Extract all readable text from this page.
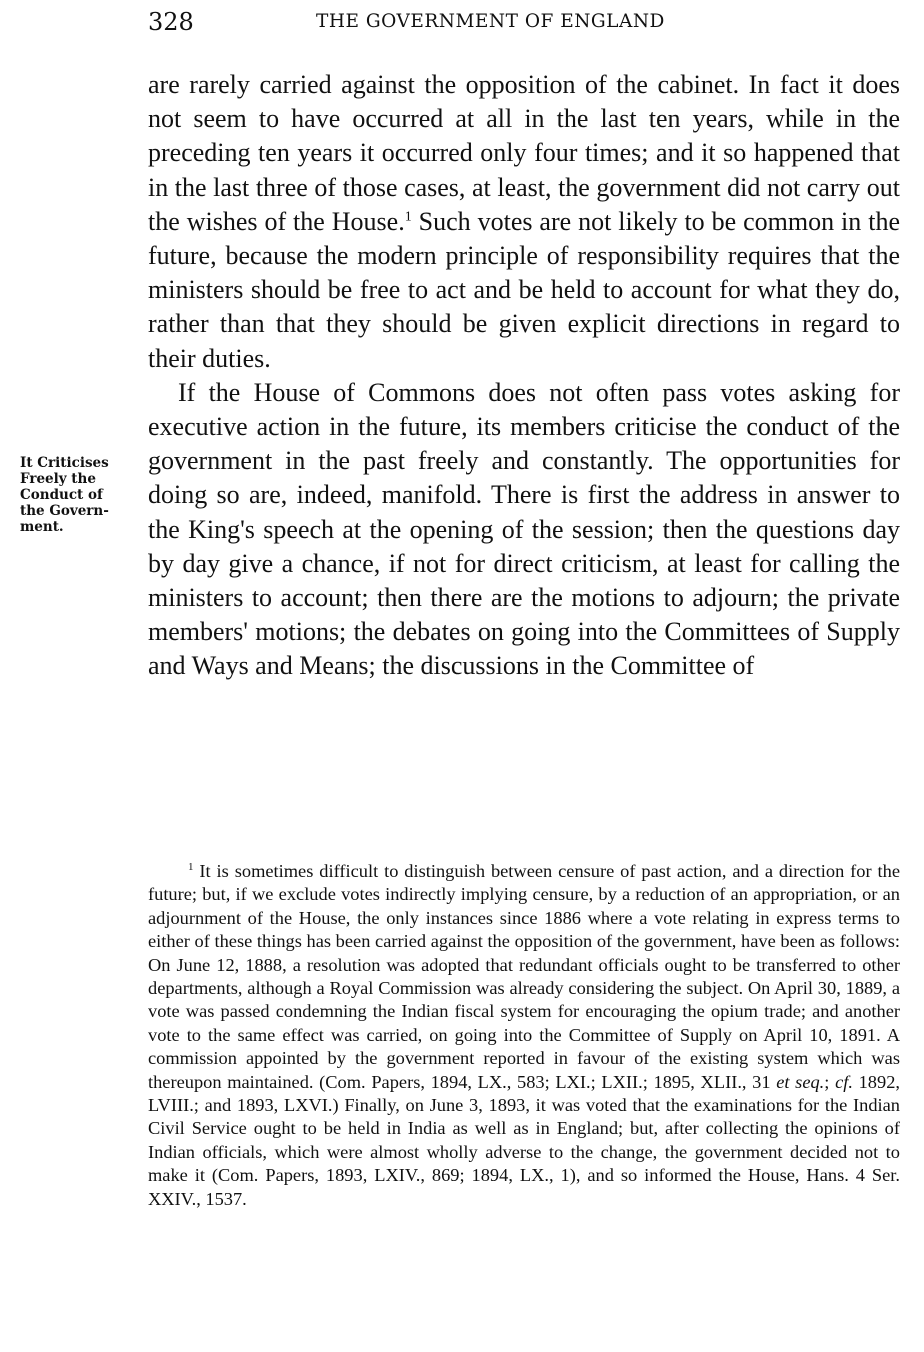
328	THE GOVERNMENT OF ENGLAND

are rarely carried against the opposition of the cabinet. In fact it does not seem to have occurred at all in the last ten years, while in the preceding ten years it occurred only four times; and it so happened that in the last three of those cases, at least, the government did not carry out the wishes of the House.$^1$ Such votes are not likely to be common in the future, because the modern principle of responsibility requires that the ministers should be free to act and be held to account for what they do, rather than that they should be given explicit directions in regard to their duties.

If the House of Commons does not often pass votes asking for executive action in the future, its members criticise the conduct of the government in the past freely and constantly. The opportunities for doing so are, indeed, manifold. There is first the address in answer to the King's speech at the opening of the session; then the questions day by day give a chance, if not for direct criticism, at least for calling the ministers to account; then there are the motions to adjourn; the private members' motions; the debates on going into the Committees of Supply and Ways and Means; the discussions in the Committee of

It Criticises
Freely the
Conduct of
the Govern-
ment.

$^1$ It is sometimes difficult to distinguish between censure of past action, and a direction for the future; but, if we exclude votes indirectly implying censure, by a reduction of an appropriation, or an adjournment of the House, the only instances since 1886 where a vote relating in express terms to either of these things has been carried against the opposition of the government, have been as follows: On June 12, 1888, a resolution was adopted that redundant officials ought to be transferred to other departments, although a Royal Commission was already considering the subject. On April 30, 1889, a vote was passed condemning the Indian fiscal system for encouraging the opium trade; and another vote to the same effect was carried, on going into the Committee of Supply on April 10, 1891. A commission appointed by the government reported in favour of the existing system which was thereupon maintained. (Com. Papers, 1894, LX., 583; LXI.; LXII.; 1895, XLII., 31 et seq.; cf. 1892, LVIII.; and 1893, LXVI.) Finally, on June 3, 1893, it was voted that the examinations for the Indian Civil Service ought to be held in India as well as in England; but, after collecting the opinions of Indian officials, which were almost wholly adverse to the change, the government decided not to make it (Com. Papers, 1893, LXIV., 869; 1894, LX., 1), and so informed the House, Hans. 4 Ser. XXIV., 1537.
